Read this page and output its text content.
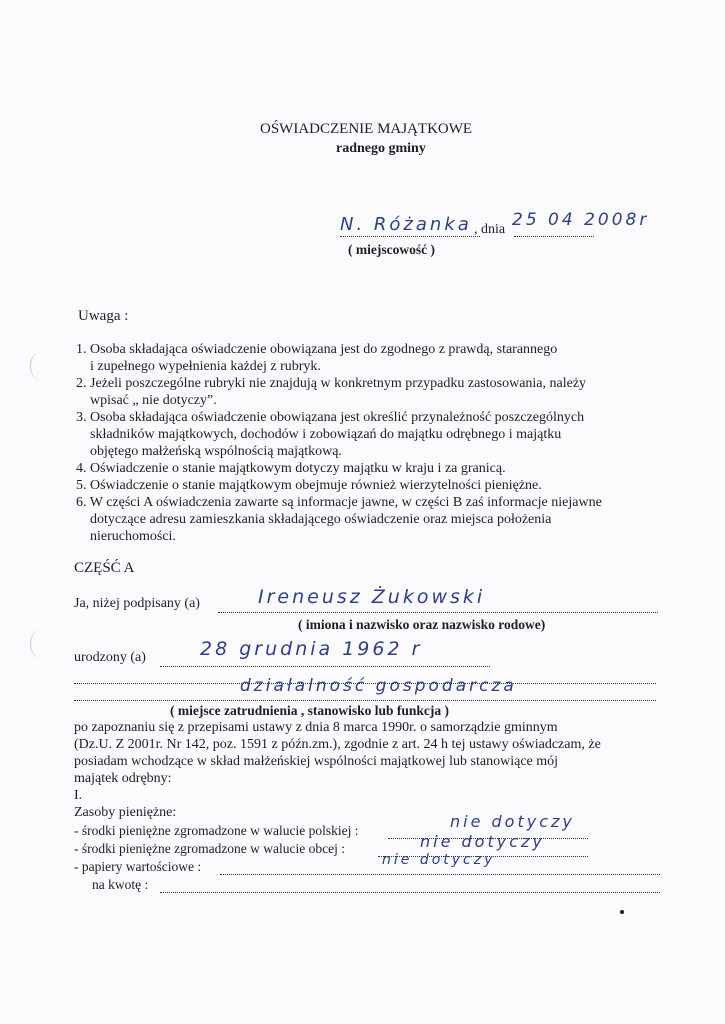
OŚWIADCZENIE MAJĄTKOWE
radnego gminy
N. Różanka , dnia 25 04 2008r
( miejscowość )
Uwaga :
1. Osoba składająca oświadczenie obowiązana jest do zgodnego z prawdą, starannego
i zupełnego wypełnienia każdej z rubryk.
2. Jeżeli poszczególne rubryki nie znajdują w konkretnym przypadku zastosowania, należy
wpisać „ nie dotyczy”.
3. Osoba składająca oświadczenie obowiązana jest określić przynależność poszczególnych
składników majątkowych, dochodów i zobowiązań do majątku odrębnego i majątku
objętego małżeńską wspólnością majątkową.
4. Oświadczenie o stanie majątkowym dotyczy majątku w kraju i za granicą.
5. Oświadczenie o stanie majątkowym obejmuje również wierzytelności pieniężne.
6. W części A oświadczenia zawarte są informacje jawne, w części B zaś informacje niejawne
dotyczące adresu zamieszkania składającego oświadczenie oraz miejsca położenia
nieruchomości.
CZĘŚĆ A
Ja, niżej podpisany (a)	Ireneusz Żukowski
( imiona i nazwisko oraz nazwisko rodowe)
urodzony (a)	28 grudnia 1962 r
działalność gospodarcza
( miejsce zatrudnienia , stanowisko lub funkcja )
po zapoznaniu się z przepisami ustawy z dnia 8 marca 1990r. o samorządzie gminnym
(Dz.U. Z 2001r. Nr 142, poz. 1591 z późn.zm.), zgodnie z art. 24 h tej ustawy oświadczam, że
posiadam wchodzące w skład małżeńskiej wspólności majątkowej lub stanowiące mój
majątek odrębny:
I.
Zasoby pieniężne:
- środki pieniężne zgromadzone w walucie polskiej :	nie dotyczy
- środki pieniężne zgromadzone w walucie obcej :	nie dotyczy
- papiery wartościowe :	nie dotyczy
na kwotę :
